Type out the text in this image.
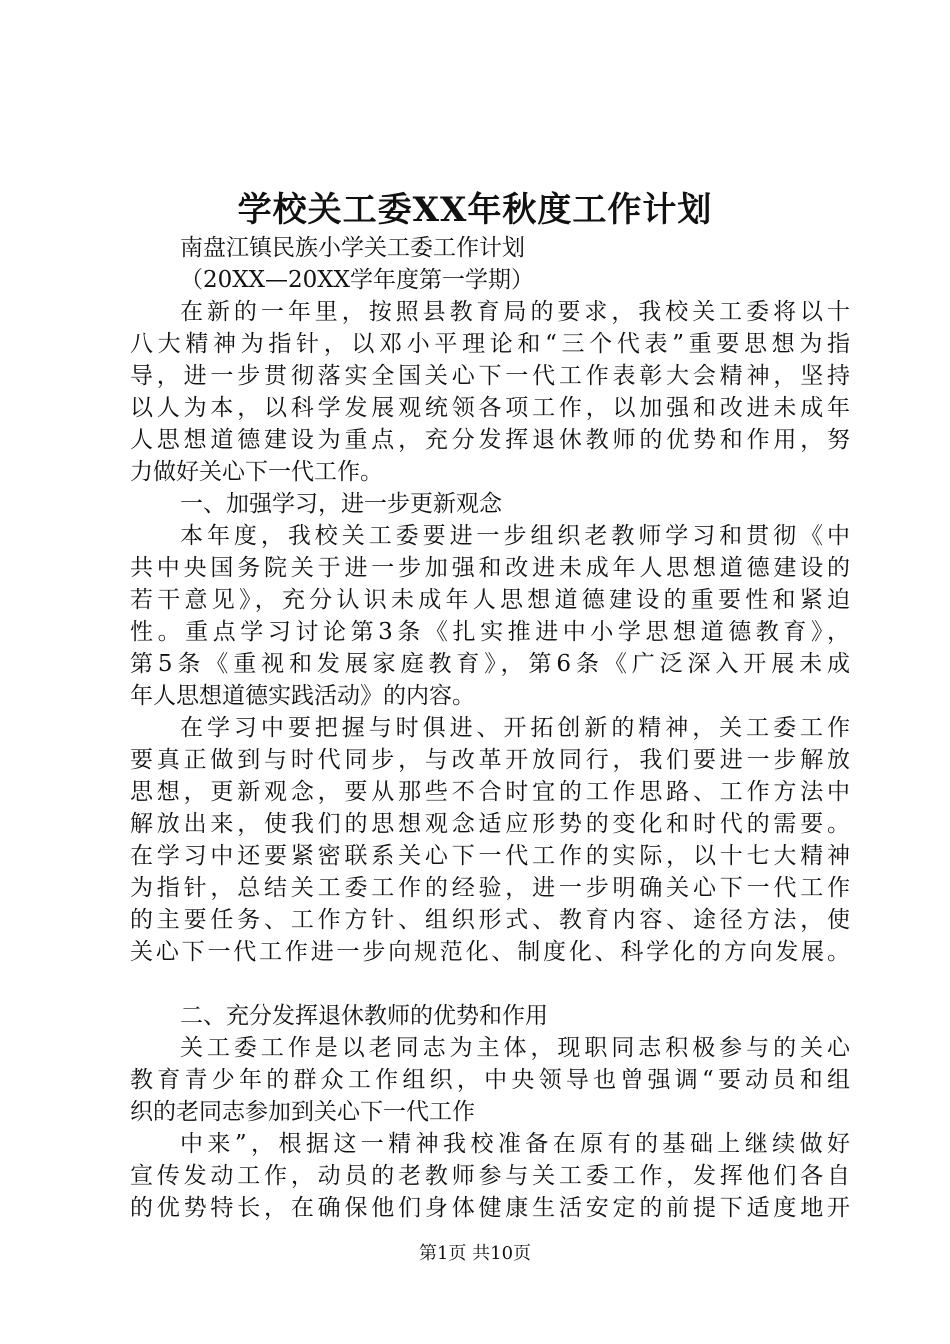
学校关工委XX年秋度工作计划
南盘江镇民族小学关工委工作计划
（20XX—20XX学年度第一学期）
在新的一年里，按照县教育局的要求，我校关工委将以十
八大精神为指针，以邓小平理论和“三个代表”重要思想为指
导，进一步贯彻落实全国关心下一代工作表彰大会精神，坚持
以人为本，以科学发展观统领各项工作，以加强和改进未成年
人思想道德建设为重点，充分发挥退休教师的优势和作用，努
力做好关心下一代工作。
一、加强学习，进一步更新观念
本年度，我校关工委要进一步组织老教师学习和贯彻《中
共中央国务院关于进一步加强和改进未成年人思想道德建设的
若干意见》，充分认识未成年人思想道德建设的重要性和紧迫
性。重点学习讨论第3条《扎实推进中小学思想道德教育》，
第5条《重视和发展家庭教育》，第6条《广泛深入开展未成
年人思想道德实践活动》的内容。
在学习中要把握与时俱进、开拓创新的精神，关工委工作
要真正做到与时代同步，与改革开放同行，我们要进一步解放
思想，更新观念，要从那些不合时宜的工作思路、工作方法中
解放出来，使我们的思想观念适应形势的变化和时代的需要。
在学习中还要紧密联系关心下一代工作的实际，以十七大精神
为指针，总结关工委工作的经验，进一步明确关心下一代工作
的主要任务、工作方针、组织形式、教育内容、途径方法，使
关心下一代工作进一步向规范化、制度化、科学化的方向发展。
二、充分发挥退休教师的优势和作用
关工委工作是以老同志为主体，现职同志积极参与的关心
教育青少年的群众工作组织，中央领导也曾强调“要动员和组
织的老同志参加到关心下一代工作
中来”，根据这一精神我校准备在原有的基础上继续做好
宣传发动工作，动员的老教师参与关工委工作，发挥他们各自
的优势特长，在确保他们身体健康生活安定的前提下适度地开
第1页 共10页
